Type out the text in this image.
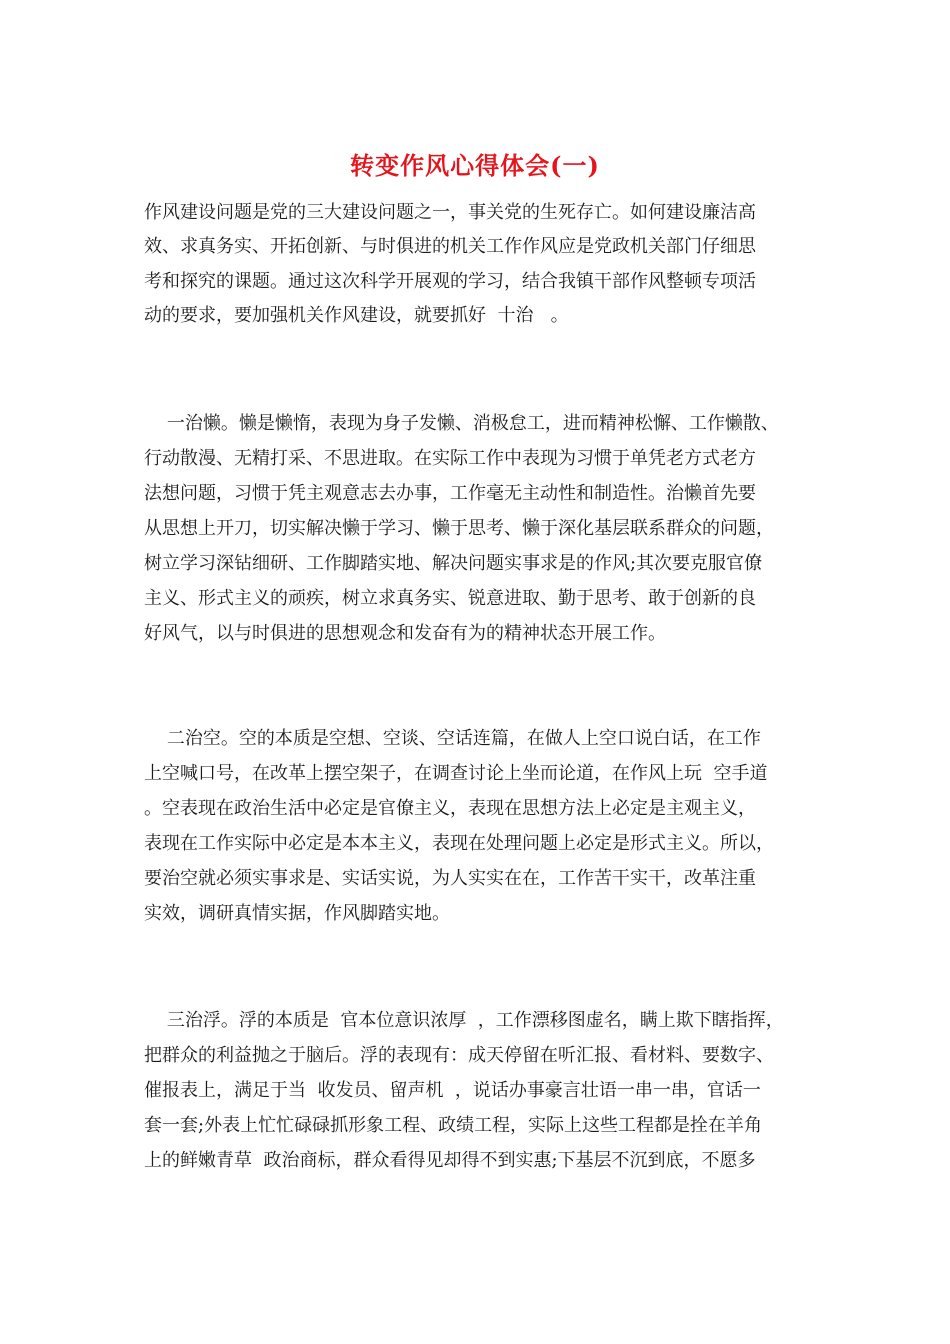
转变作风心得体会(一)
作风建设问题是党的三大建设问题之一，事关党的生死存亡。如何建设廉洁高
效、求真务实、开拓创新、与时俱进的机关工作作风应是党政机关部门仔细思
考和探究的课题。通过这次科学开展观的学习，结合我镇干部作风整顿专项活
动的要求，要加强机关作风建设，就要抓好  十治   。
一治懒。懒是懒惰，表现为身子发懒、消极怠工，进而精神松懈、工作懒散、
行动散漫、无精打采、不思进取。在实际工作中表现为习惯于单凭老方式老方
法想问题，习惯于凭主观意志去办事，工作毫无主动性和制造性。治懒首先要
从思想上开刀，切实解决懒于学习、懒于思考、懒于深化基层联系群众的问题，
树立学习深钻细研、工作脚踏实地、解决问题实事求是的作风;其次要克服官僚
主义、形式主义的顽疾，树立求真务实、锐意进取、勤于思考、敢于创新的良
好风气，以与时俱进的思想观念和发奋有为的精神状态开展工作。
二治空。空的本质是空想、空谈、空话连篇，在做人上空口说白话，在工作
上空喊口号，在改革上摆空架子，在调查讨论上坐而论道，在作风上玩  空手道
。空表现在政治生活中必定是官僚主义，表现在思想方法上必定是主观主义，
表现在工作实际中必定是本本主义，表现在处理问题上必定是形式主义。所以，
要治空就必须实事求是、实话实说，为人实实在在，工作苦干实干，改革注重
实效，调研真情实据，作风脚踏实地。
三治浮。浮的本质是  官本位意识浓厚  ，工作漂移图虚名，瞒上欺下瞎指挥，
把群众的利益抛之于脑后。浮的表现有：成天停留在听汇报、看材料、要数字、
催报表上，满足于当  收发员、留声机  ，说话办事豪言壮语一串一串，官话一
套一套;外表上忙忙碌碌抓形象工程、政绩工程，实际上这些工程都是拴在羊角
上的鲜嫩青草  政治商标，群众看得见却得不到实惠;下基层不沉到底，不愿多
